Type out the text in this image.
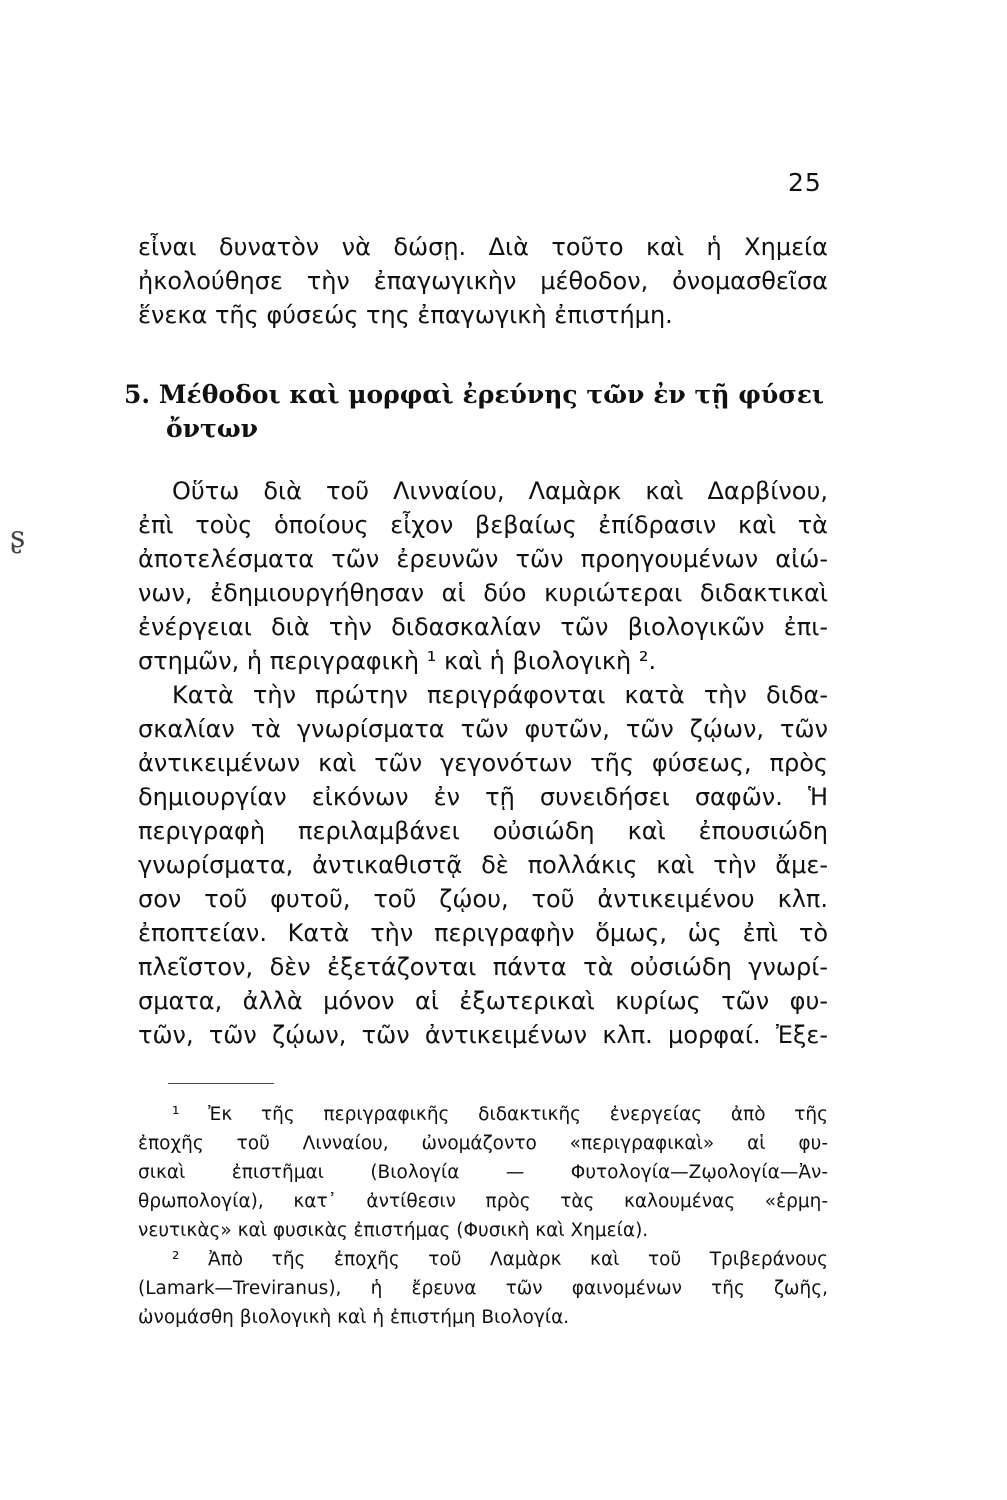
25
ʂ
εἶναι δυνατὸν νὰ δώσῃ. Διὰ τοῦτο καὶ ἡ Χημεία
ἠκολούθησε τὴν ἐπαγωγικὴν μέθοδον, ὀνομασθεῖσα
ἕνεκα τῆς φύσεώς της ἐπαγωγικὴ ἐπιστήμη.
5. Μέθοδοι καὶ μορφαὶ ἐρεύνης τῶν ἐν τῇ φύσει
ὄντων
Οὕτω διὰ τοῦ Λινναίου, Λαμὰρκ καὶ Δαρβίνου,
ἐπὶ τοὺς ὁποίους εἶχον βεβαίως ἐπίδρασιν καὶ τὰ
ἀποτελέσματα τῶν ἐρευνῶν τῶν προηγουμένων αἰώ-
νων, ἐδημιουργήθησαν αἱ δύο κυριώτεραι διδακτικαὶ
ἐνέργειαι διὰ τὴν διδασκαλίαν τῶν βιολογικῶν ἐπι-
στημῶν, ἡ περιγραφικὴ ¹ καὶ ἡ βιολογικὴ ².
Κατὰ τὴν πρώτην περιγράφονται κατὰ τὴν διδα-
σκαλίαν τὰ γνωρίσματα τῶν φυτῶν, τῶν ζῴων, τῶν
ἀντικειμένων καὶ τῶν γεγονότων τῆς φύσεως, πρὸς
δημιουργίαν εἰκόνων ἐν τῇ συνειδήσει σαφῶν. Ἡ
περιγραφὴ περιλαμβάνει οὐσιώδη καὶ ἐπουσιώδη
γνωρίσματα, ἀντικαθιστᾷ δὲ πολλάκις καὶ τὴν ἄμε-
σον τοῦ φυτοῦ, τοῦ ζῴου, τοῦ ἀντικειμένου κλπ.
ἐποπτείαν. Κατὰ τὴν περιγραφὴν ὅμως, ὡς ἐπὶ τὸ
πλεῖστον, δὲν ἐξετάζονται πάντα τὰ οὐσιώδη γνωρί-
σματα, ἀλλὰ μόνον αἱ ἐξωτερικαὶ κυρίως τῶν φυ-
τῶν, τῶν ζῴων, τῶν ἀντικειμένων κλπ. μορφαί. Ἐξε-
¹ Ἐκ τῆς περιγραφικῆς διδακτικῆς ἐνεργείας ἀπὸ τῆς
ἐποχῆς τοῦ Λινναίου, ὠνομάζοντο «περιγραφικαὶ» αἱ φυ-
σικαὶ ἐπιστῆμαι (Βιολογία — Φυτολογία—Ζῳολογία—Ἀν-
θρωπολογία), κατ᾽ ἀντίθεσιν πρὸς τὰς καλουμένας «ἑρμη-
νευτικὰς» καὶ φυσικὰς ἐπιστήμας (Φυσικὴ καὶ Χημεία).
² Ἀπὸ τῆς ἐποχῆς τοῦ Λαμὰρκ καὶ τοῦ Τριβεράνους
(Lamark—Treviranus), ἡ ἔρευνα τῶν φαινομένων τῆς ζωῆς,
ὠνομάσθη βιολογικὴ καὶ ἡ ἐπιστήμη Βιολογία.
